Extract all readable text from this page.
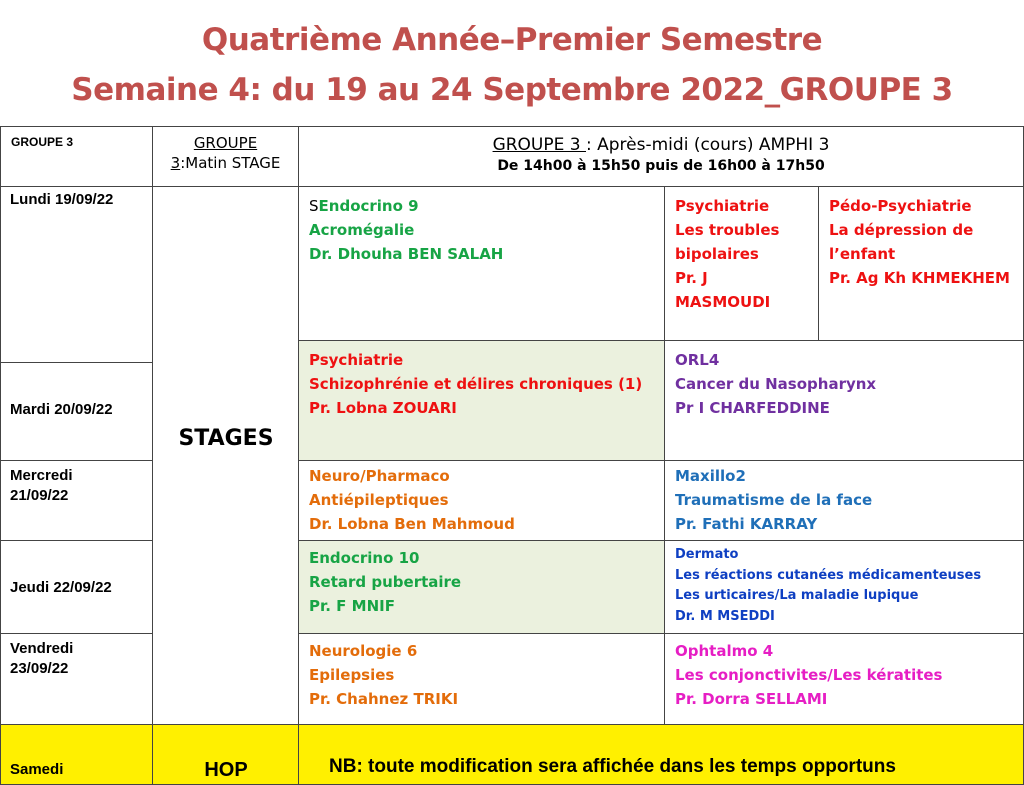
Quatrième Année–Premier Semestre
Semaine 4: du 19 au 24 Septembre 2022_GROUPE 3
GROUPE 3	GROUPE
3:Matin STAGE
GROUPE 3 : Après-midi (cours) AMPHI 3
De 14h00 à 15h50 puis de 16h00 à 17h50
Lundi 19/09/22
Mardi 20/09/22
Mercredi
21/09/22
Jeudi 22/09/22
Vendredi
23/09/22
Samedi
STAGES
HOP
SEndocrino 9
Acromégalie
Dr. Dhouha BEN SALAH
Psychiatrie
Les troubles
bipolaires
Pr. J
MASMOUDI
Pédo-Psychiatrie
La dépression de
l’enfant
Pr. Ag Kh KHMEKHEM
Psychiatrie
Schizophrénie et délires chroniques (1)
Pr. Lobna ZOUARI
ORL4
Cancer du Nasopharynx
Pr I CHARFEDDINE
Neuro/Pharmaco
Antiépileptiques
Dr. Lobna Ben Mahmoud
Maxillo2
Traumatisme de la face
Pr. Fathi KARRAY
Endocrino 10
Retard pubertaire
Pr. F MNIF
Dermato
Les réactions cutanées médicamenteuses
Les urticaires/La maladie lupique
Dr. M MSEDDI
Neurologie 6
Epilepsies
Pr. Chahnez TRIKI
Ophtalmo 4
Les conjonctivites/Les kératites
Pr. Dorra SELLAMI
NB: toute modification sera affichée dans les temps opportuns
